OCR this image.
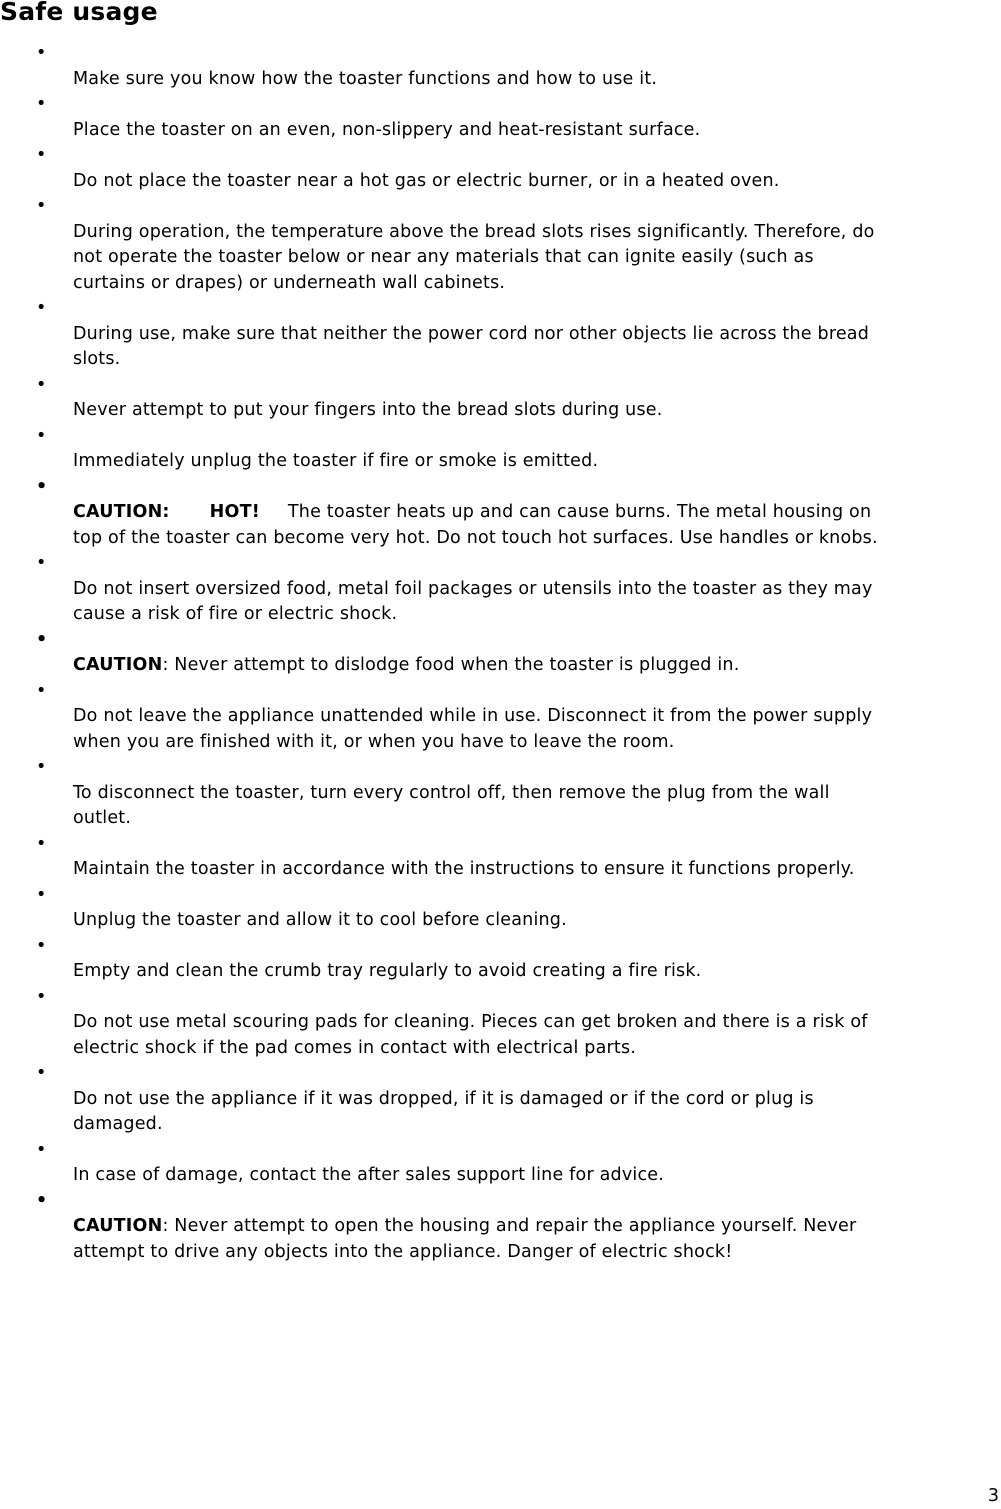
Safe usage

•
Make sure you know how the toaster functions and how to use it.

•
Place the toaster on an even, non-slippery and heat-resistant surface.

•
Do not place the toaster near a hot gas or electric burner, or in a heated oven.

•
During operation, the temperature above the bread slots rises significantly. Therefore, do
not operate the toaster below or near any materials that can ignite easily (such as
curtains or drapes) or underneath wall cabinets.

•
During use, make sure that neither the power cord nor other objects lie across the bread
slots.

•
Never attempt to put your fingers into the bread slots during use.

•
Immediately unplug the toaster if fire or smoke is emitted.

•
CAUTION: HOT! The toaster heats up and can cause burns. The metal housing on
top of the toaster can become very hot. Do not touch hot surfaces. Use handles or knobs.

•
Do not insert oversized food, metal foil packages or utensils into the toaster as they may
cause a risk of fire or electric shock.

•
CAUTION: Never attempt to dislodge food when the toaster is plugged in.

•
Do not leave the appliance unattended while in use. Disconnect it from the power supply
when you are finished with it, or when you have to leave the room.

•
To disconnect the toaster, turn every control off, then remove the plug from the wall
outlet.

•
Maintain the toaster in accordance with the instructions to ensure it functions properly.

•
Unplug the toaster and allow it to cool before cleaning.

•
Empty and clean the crumb tray regularly to avoid creating a fire risk.

•
Do not use metal scouring pads for cleaning. Pieces can get broken and there is a risk of
electric shock if the pad comes in contact with electrical parts.

•
Do not use the appliance if it was dropped, if it is damaged or if the cord or plug is
damaged.

•
In case of damage, contact the after sales support line for advice.

•
CAUTION: Never attempt to open the housing and repair the appliance yourself. Never
attempt to drive any objects into the appliance. Danger of electric shock!

3
